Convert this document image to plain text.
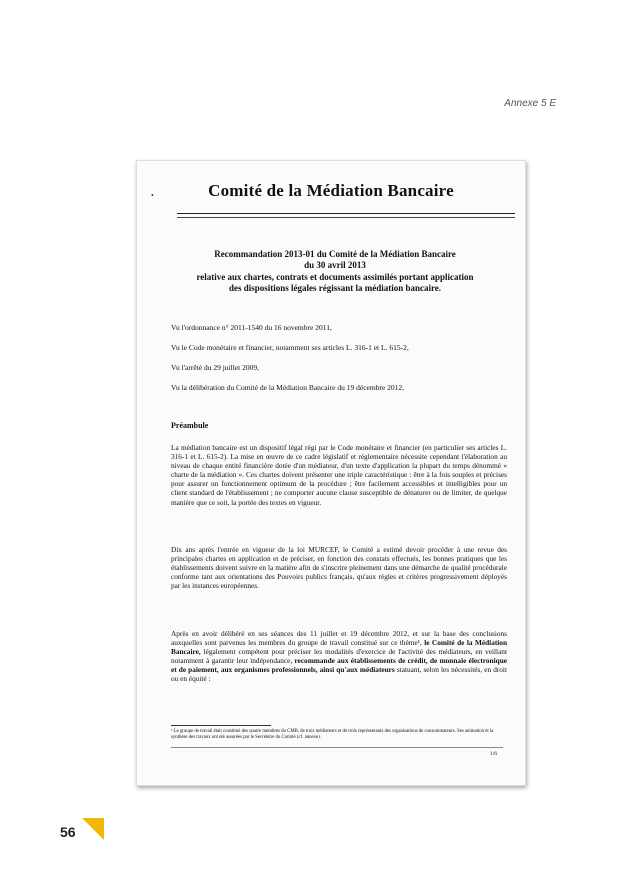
Annexe 5 E
•	Comité de la Médiation Bancaire
Recommandation 2013-01 du Comité de la Médiation Bancaire
du 30 avril 2013
relative aux chartes, contrats et documents assimilés portant application
des dispositions légales régissant la médiation bancaire.
Vu l'ordonnance n° 2011-1540 du 16 novembre 2011,
Vu le Code monétaire et financier, notamment ses articles L. 316-1 et L. 615-2,
Vu l'arrêté du 29 juillet 2009,
Vu la délibération du Comité de la Médiation Bancaire du 19 décembre 2012,
Préambule
La médiation bancaire est un dispositif légal régi par le Code monétaire et financier (en particulier ses articles L. 316-1 et L. 615-2). La mise en œuvre de ce cadre législatif et réglementaire nécessite cependant l'élaboration au niveau de chaque entité financière dotée d'un médiateur, d'un texte d'application la plupart du temps dénommé « charte de la médiation ». Ces chartes doivent présenter une triple caractéristique : être à la fois souples et précises pour assurer un fonctionnement optimum de la procédure ; être facilement accessibles et intelligibles pour un client standard de l'établissement ; ne comporter aucune clause susceptible de dénaturer ou de limiter, de quelque manière que ce soit, la portée des textes en vigueur.
Dix ans après l'entrée en vigueur de la loi MURCEF, le Comité a estimé devoir procéder à une revue des principales chartes en application et de préciser, en fonction des constats effectués, les bonnes pratiques que les établissements doivent suivre en la matière afin de s'inscrire pleinement dans une démarche de qualité procédurale conforme tant aux orientations des Pouvoirs publics français, qu'aux règles et critères progressivement déployés par les instances européennes.
Après en avoir délibéré en ses séances des 11 juillet et 19 décembre 2012, et sur la base des conclusions auxquelles sont parvenus les membres du groupe de travail constitué sur ce thème¹, le Comité de la Médiation Bancaire, légalement compétent pour préciser les modalités d'exercice de l'activité des médiateurs, en veillant notamment à garantir leur indépendance, recommande aux établissements de crédit, de monnaie électronique et de paiement, aux organismes professionnels, ainsi qu'aux médiateurs statuant, selon les nécessités, en droit ou en équité :
¹ Le groupe de travail était constitué des quatre membres du CMB, de trois médiateurs et de trois représentants des organisations de consommateurs. Ses animation et la synthèse des travaux ont été assurées par le Secrétaire du Comité (cf. annexe).
1/6
56
